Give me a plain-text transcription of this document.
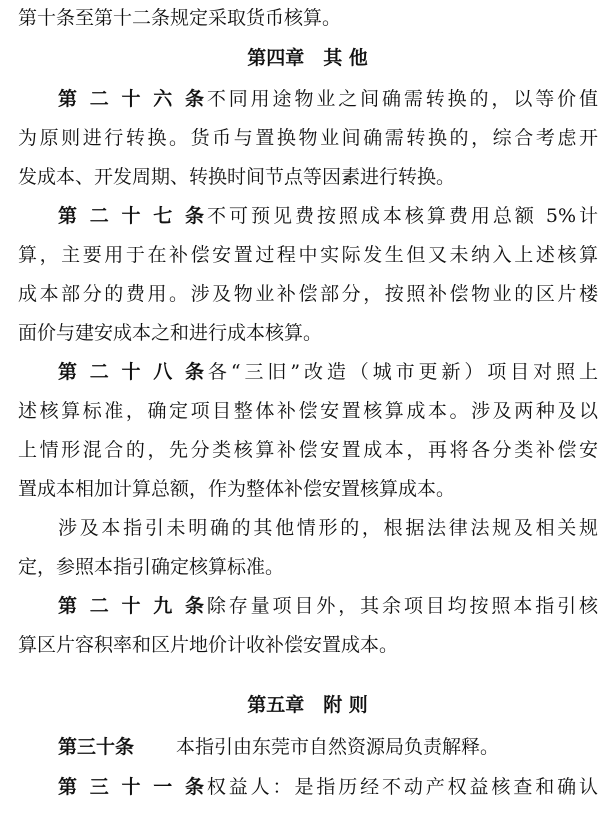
第十条至第十二条规定采取货币核算。
第四章　其 他
第二十六条不同用途物业之间确需转换的，以等价值
为原则进行转换。货币与置换物业间确需转换的，综合考虑开
发成本、开发周期、转换时间节点等因素进行转换。
第二十七条不可预见费按照成本核算费用总额 5%计
算，主要用于在补偿安置过程中实际发生但又未纳入上述核算
成本部分的费用。涉及物业补偿部分，按照补偿物业的区片楼
面价与建安成本之和进行成本核算。
第二十八条各“三旧”改造（城市更新）项目对照上
述核算标准，确定项目整体补偿安置核算成本。涉及两种及以
上情形混合的，先分类核算补偿安置成本，再将各分类补偿安
置成本相加计算总额，作为整体补偿安置核算成本。
涉及本指引未明确的其他情形的，根据法律法规及相关规
定，参照本指引确定核算标准。
第二十九条除存量项目外，其余项目均按照本指引核
算区片容积率和区片地价计收补偿安置成本。
第五章　附 则
第三十条 本指引由东莞市自然资源局负责解释。
第三十一条权益人：是指历经不动产权益核查和确认
